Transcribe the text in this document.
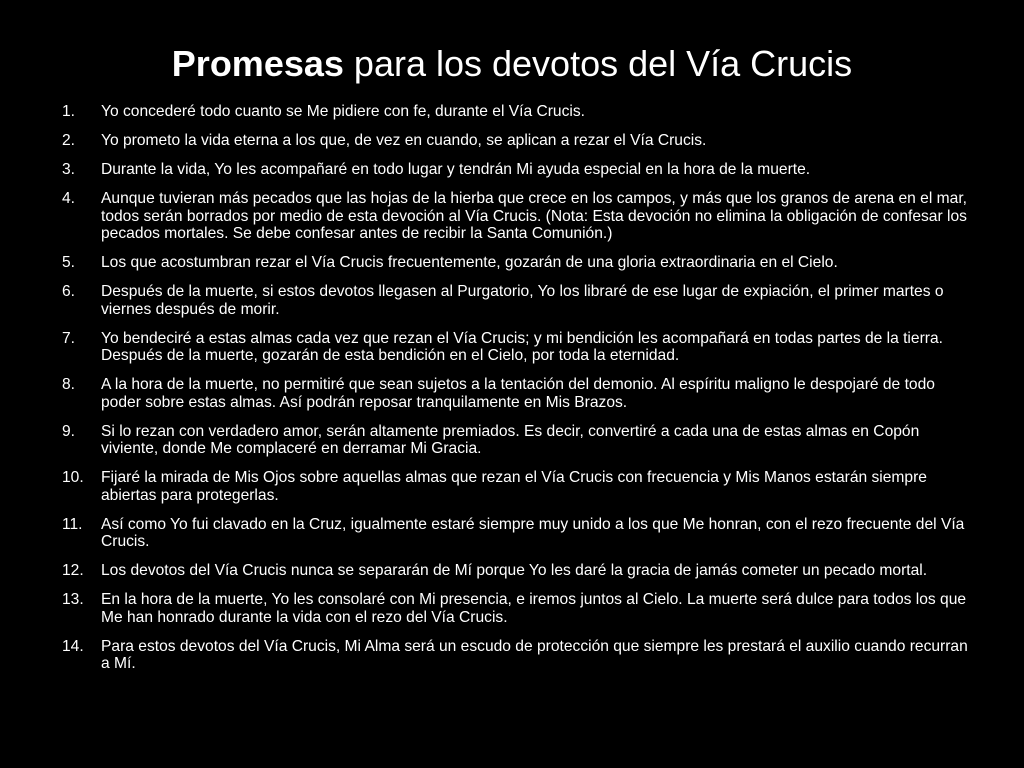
Promesas para los devotos del Vía Crucis
1. Yo concederé todo cuanto se Me pidiere con fe, durante el Vía Crucis.
2. Yo prometo la vida eterna a los que, de vez en cuando, se aplican a rezar el Vía Crucis.
3. Durante la vida, Yo les acompañaré en todo lugar y tendrán Mi ayuda especial en la hora de la muerte.
4. Aunque tuvieran más pecados que las hojas de la hierba que crece en los campos, y más que los granos de arena en el mar, todos serán borrados por medio de esta devoción al Vía Crucis. (Nota: Esta devoción no elimina la obligación de confesar los pecados mortales. Se debe confesar antes de recibir la Santa Comunión.)
5. Los que acostumbran rezar el Vía Crucis frecuentemente, gozarán de una gloria extraordinaria en el Cielo.
6. Después de la muerte, si estos devotos llegasen al Purgatorio, Yo los libraré de ese lugar de expiación, el primer martes o viernes después de morir.
7. Yo bendeciré a estas almas cada vez que rezan el Vía Crucis; y mi bendición les acompañará en todas partes de la tierra. Después de la muerte, gozarán de esta bendición en el Cielo, por toda la eternidad.
8. A la hora de la muerte, no permitiré que sean sujetos a la tentación del demonio. Al espíritu maligno le despojaré de todo poder sobre estas almas. Así podrán reposar tranquilamente en Mis Brazos.
9. Si lo rezan con verdadero amor, serán altamente premiados. Es decir, convertiré a cada una de estas almas en Copón viviente, donde Me complaceré en derramar Mi Gracia.
10. Fijaré la mirada de Mis Ojos sobre aquellas almas que rezan el Vía Crucis con frecuencia y Mis Manos estarán siempre abiertas para protegerlas.
11. Así como Yo fui clavado en la Cruz, igualmente estaré siempre muy unido a los que Me honran, con el rezo frecuente del Vía Crucis.
12. Los devotos del Vía Crucis nunca se separarán de Mí porque Yo les daré la gracia de jamás cometer un pecado mortal.
13. En la hora de la muerte, Yo les consolaré con Mi presencia, e iremos juntos al Cielo. La muerte será dulce para todos los que Me han honrado durante la vida con el rezo del Vía Crucis.
14. Para estos devotos del Vía Crucis, Mi Alma será un escudo de protección que siempre les prestará el auxilio cuando recurran a Mí.
